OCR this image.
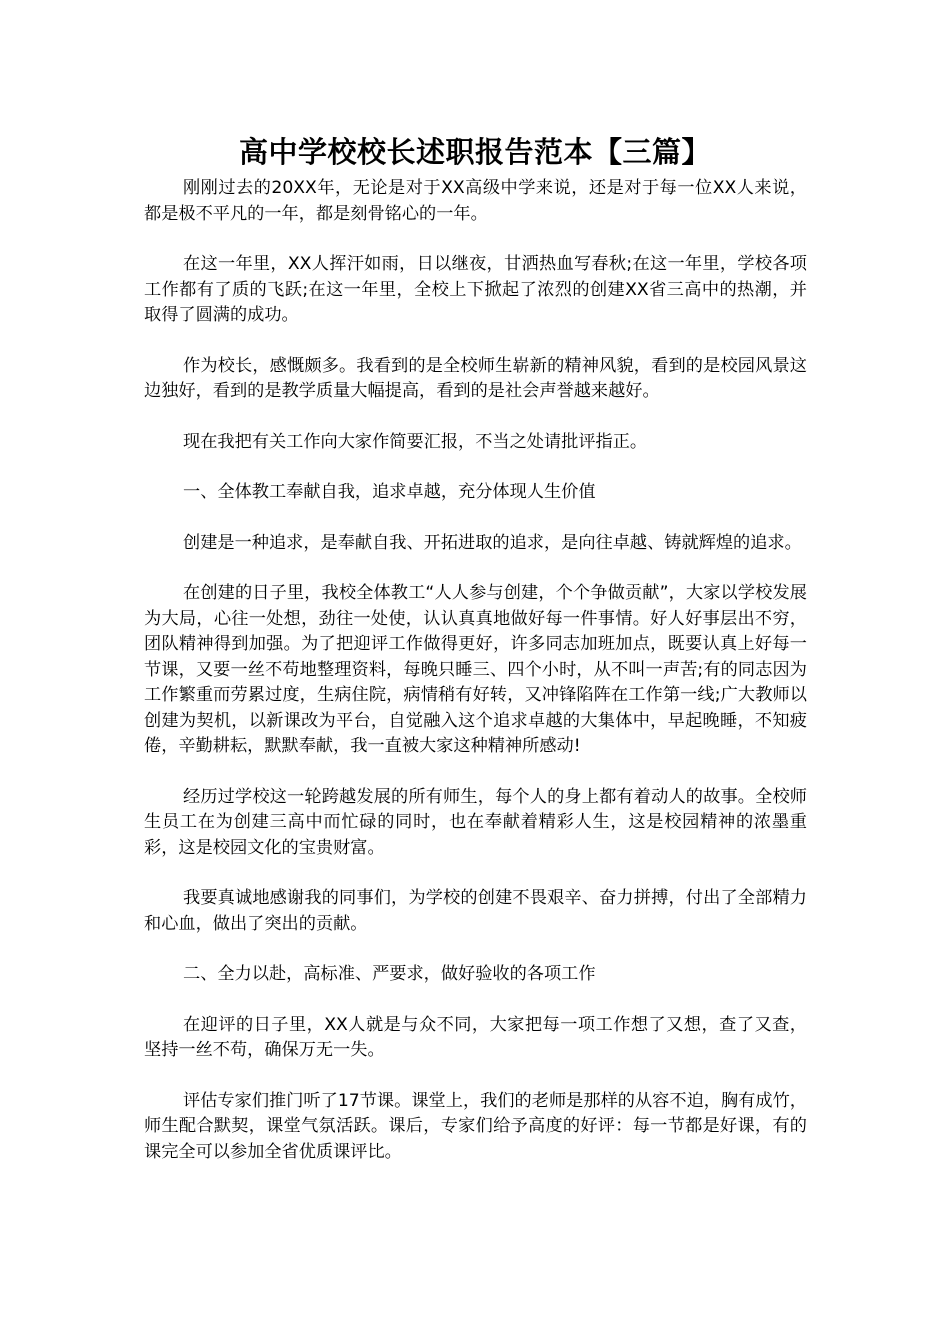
高中学校校长述职报告范本【三篇】

刚刚过去的20XX年，无论是对于XX高级中学来说，还是对于每一位XX人来说，都是极不平凡的一年，都是刻骨铭心的一年。

在这一年里，XX人挥汗如雨，日以继夜，甘洒热血写春秋;在这一年里，学校各项工作都有了质的飞跃;在这一年里，全校上下掀起了浓烈的创建XX省三高中的热潮，并取得了圆满的成功。

作为校长，感慨颇多。我看到的是全校师生崭新的精神风貌，看到的是校园风景这边独好，看到的是教学质量大幅提高，看到的是社会声誉越来越好。

现在我把有关工作向大家作简要汇报，不当之处请批评指正。

一、全体教工奉献自我，追求卓越，充分体现人生价值

创建是一种追求，是奉献自我、开拓进取的追求，是向往卓越、铸就辉煌的追求。

在创建的日子里，我校全体教工“人人参与创建，个个争做贡献”，大家以学校发展为大局，心往一处想，劲往一处使，认认真真地做好每一件事情。好人好事层出不穷，团队精神得到加强。为了把迎评工作做得更好，许多同志加班加点，既要认真上好每一节课，又要一丝不苟地整理资料，每晚只睡三、四个小时，从不叫一声苦;有的同志因为工作繁重而劳累过度，生病住院，病情稍有好转，又冲锋陷阵在工作第一线;广大教师以创建为契机，以新课改为平台，自觉融入这个追求卓越的大集体中，早起晚睡，不知疲倦，辛勤耕耘，默默奉献，我一直被大家这种精神所感动!

经历过学校这一轮跨越发展的所有师生，每个人的身上都有着动人的故事。全校师生员工在为创建三高中而忙碌的同时，也在奉献着精彩人生，这是校园精神的浓墨重彩，这是校园文化的宝贵财富。

我要真诚地感谢我的同事们，为学校的创建不畏艰辛、奋力拼搏，付出了全部精力和心血，做出了突出的贡献。

二、全力以赴，高标准、严要求，做好验收的各项工作

在迎评的日子里，XX人就是与众不同，大家把每一项工作想了又想，查了又查，坚持一丝不苟，确保万无一失。

评估专家们推门听了17节课。课堂上，我们的老师是那样的从容不迫，胸有成竹，师生配合默契，课堂气氛活跃。课后，专家们给予高度的好评：每一节都是好课，有的课完全可以参加全省优质课评比。
